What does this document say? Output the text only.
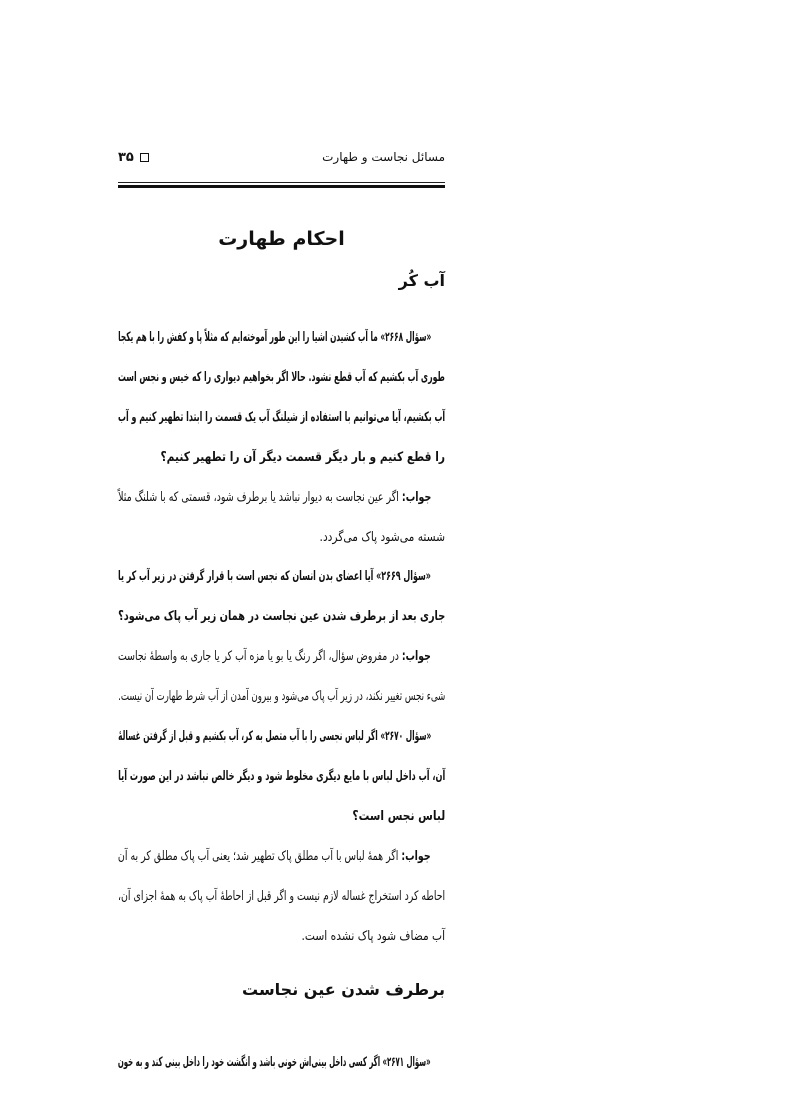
مسائل نجاست و طهارت
۳۵
احکام طهارت
آب کُر
«سؤال ۲۶۶۸» ما آب کشیدن اشیا را این طور آموخته‌ایم که مثلاً پا و کفش را با هم یکجا
طوری آب بکشیم که آب قطع نشود. حالا اگر بخواهیم دیواری را که خیس و نجس است
آب بکشیم، آیا می‌توانیم با استفاده از شیلنگ آب یک قسمت را ابتدا تطهیر کنیم و آب
را قطع کنیم و بار دیگر قسمت دیگر آن را تطهیر کنیم؟
جواب: اگر عین نجاست به دیوار نباشد یا برطرف شود، قسمتی که با شلنگ مثلاً
شسته می‌شود پاک می‌گردد.
«سؤال ۲۶۶۹» آیا اعضای بدن انسان که نجس است با قرار گرفتن در زیر آب کر یا
جاری بعد از برطرف شدن عین نجاست در همان زیر آب پاک می‌شود؟
جواب: در مفروض سؤال، اگر رنگ یا بو یا مزه آب کر یا جاری به واسطهٔ نجاست
شیء نجس تغییر نکند، در زیر آب پاک می‌شود و بیرون آمدن از آب شرط طهارت آن نیست.
«سؤال ۲۶۷۰» اگر لباس نجسی را با آب متصل به کر، آب بکشیم و قبل از گرفتن غسالهٔ
آن، آب داخل لباس با مایع دیگری مخلوط شود و دیگر خالص نباشد در این صورت آیا
لباس نجس است؟
جواب: اگر همهٔ لباس با آب مطلق پاک تطهیر شد؛ یعنی آب پاک مطلق کر به آن
احاطه کرد استخراج غساله لازم نیست و اگر قبل از احاطهٔ آب پاک به همهٔ اجزای آن،
آب مضاف شود پاک نشده است.
برطرف شدن عین نجاست
«سؤال ۲۶۷۱» اگر کسی داخل بینی‌اش خونی باشد و انگشت خود را داخل بینی کند و به خون
